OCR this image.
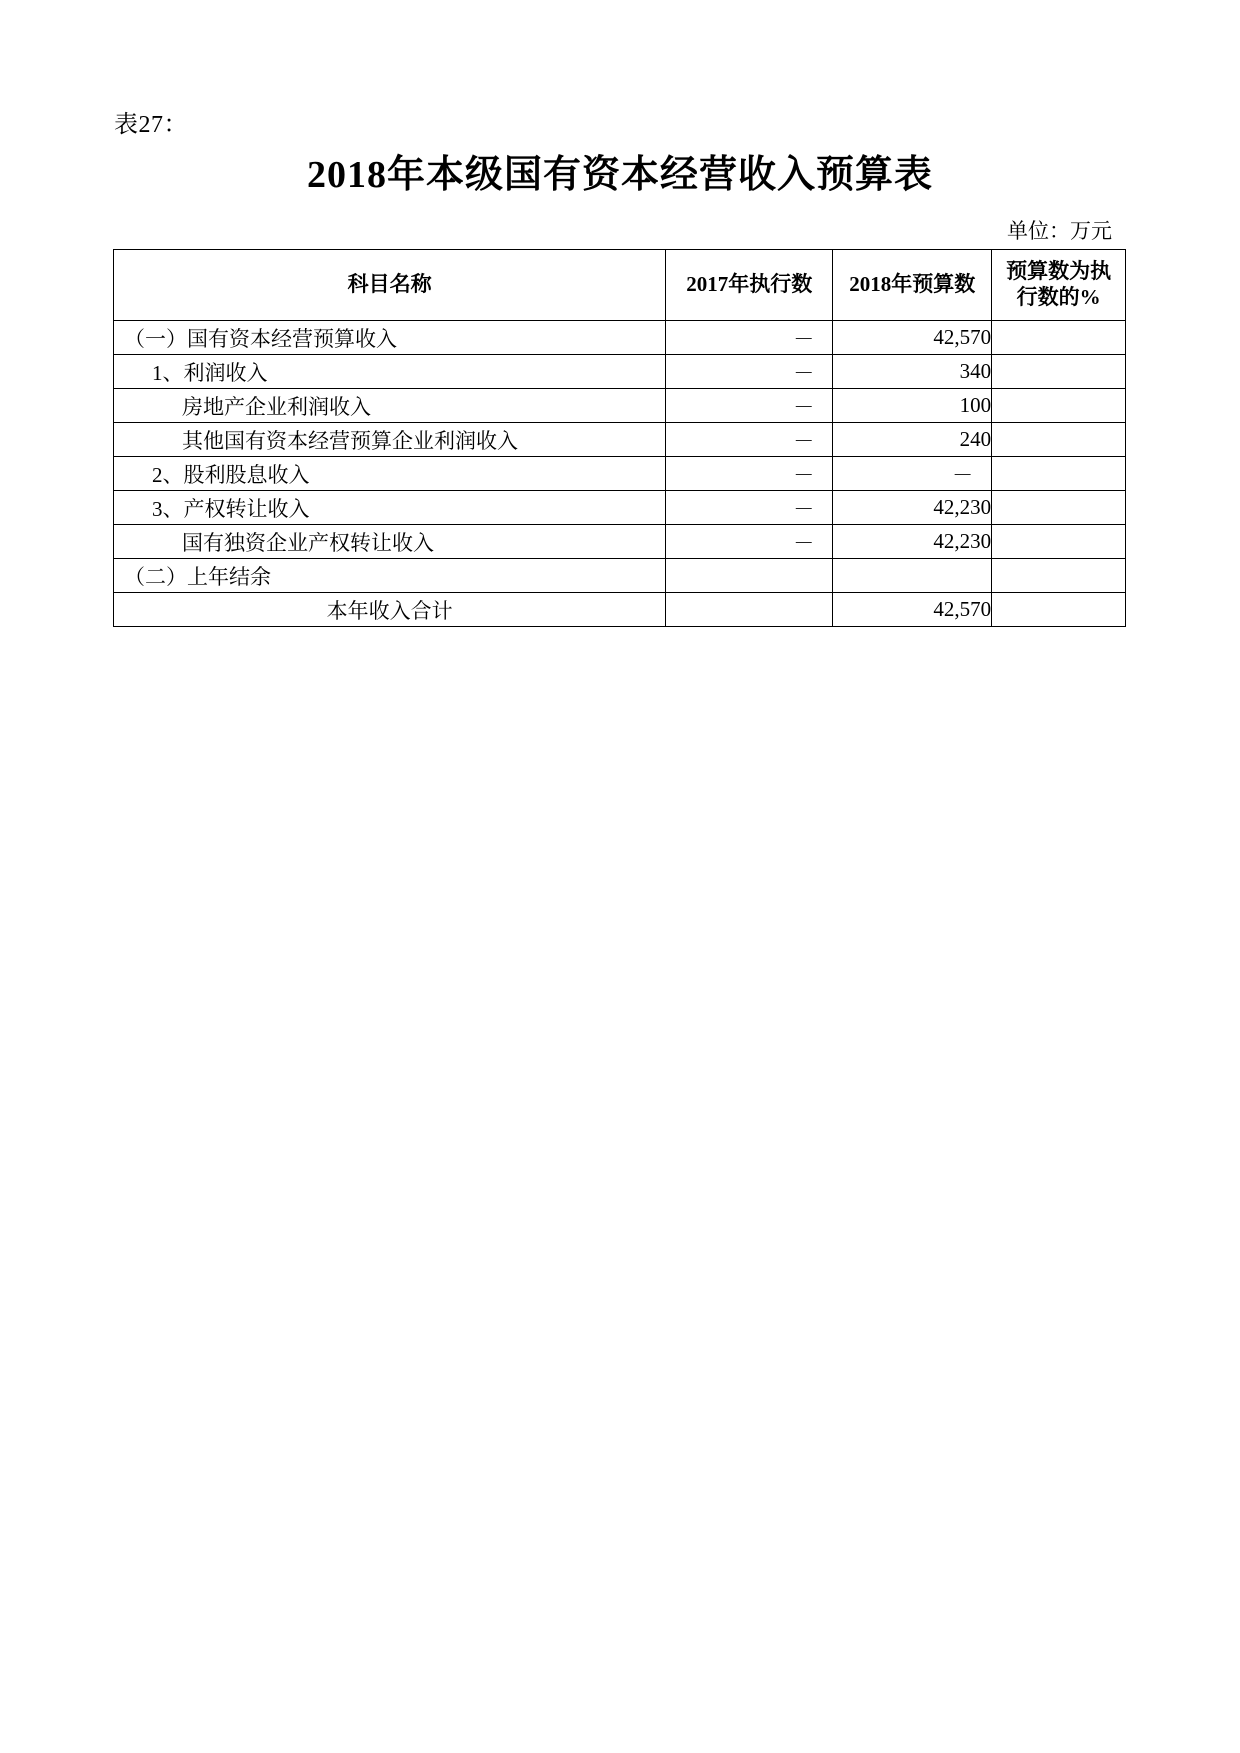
表27：
2018年本级国有资本经营收入预算表
单位：万元
科目名称	2017年执行数	2018年预算数	预算数为执行数的%
（一）国有资本经营预算收入	－	42,570	
1、利润收入	－	340	
房地产企业利润收入	－	100	
其他国有资本经营预算企业利润收入	－	240	
2、股利股息收入	－	－	
3、产权转让收入	－	42,230	
国有独资企业产权转让收入	－	42,230	
（二）上年结余			
本年收入合计		42,570	
